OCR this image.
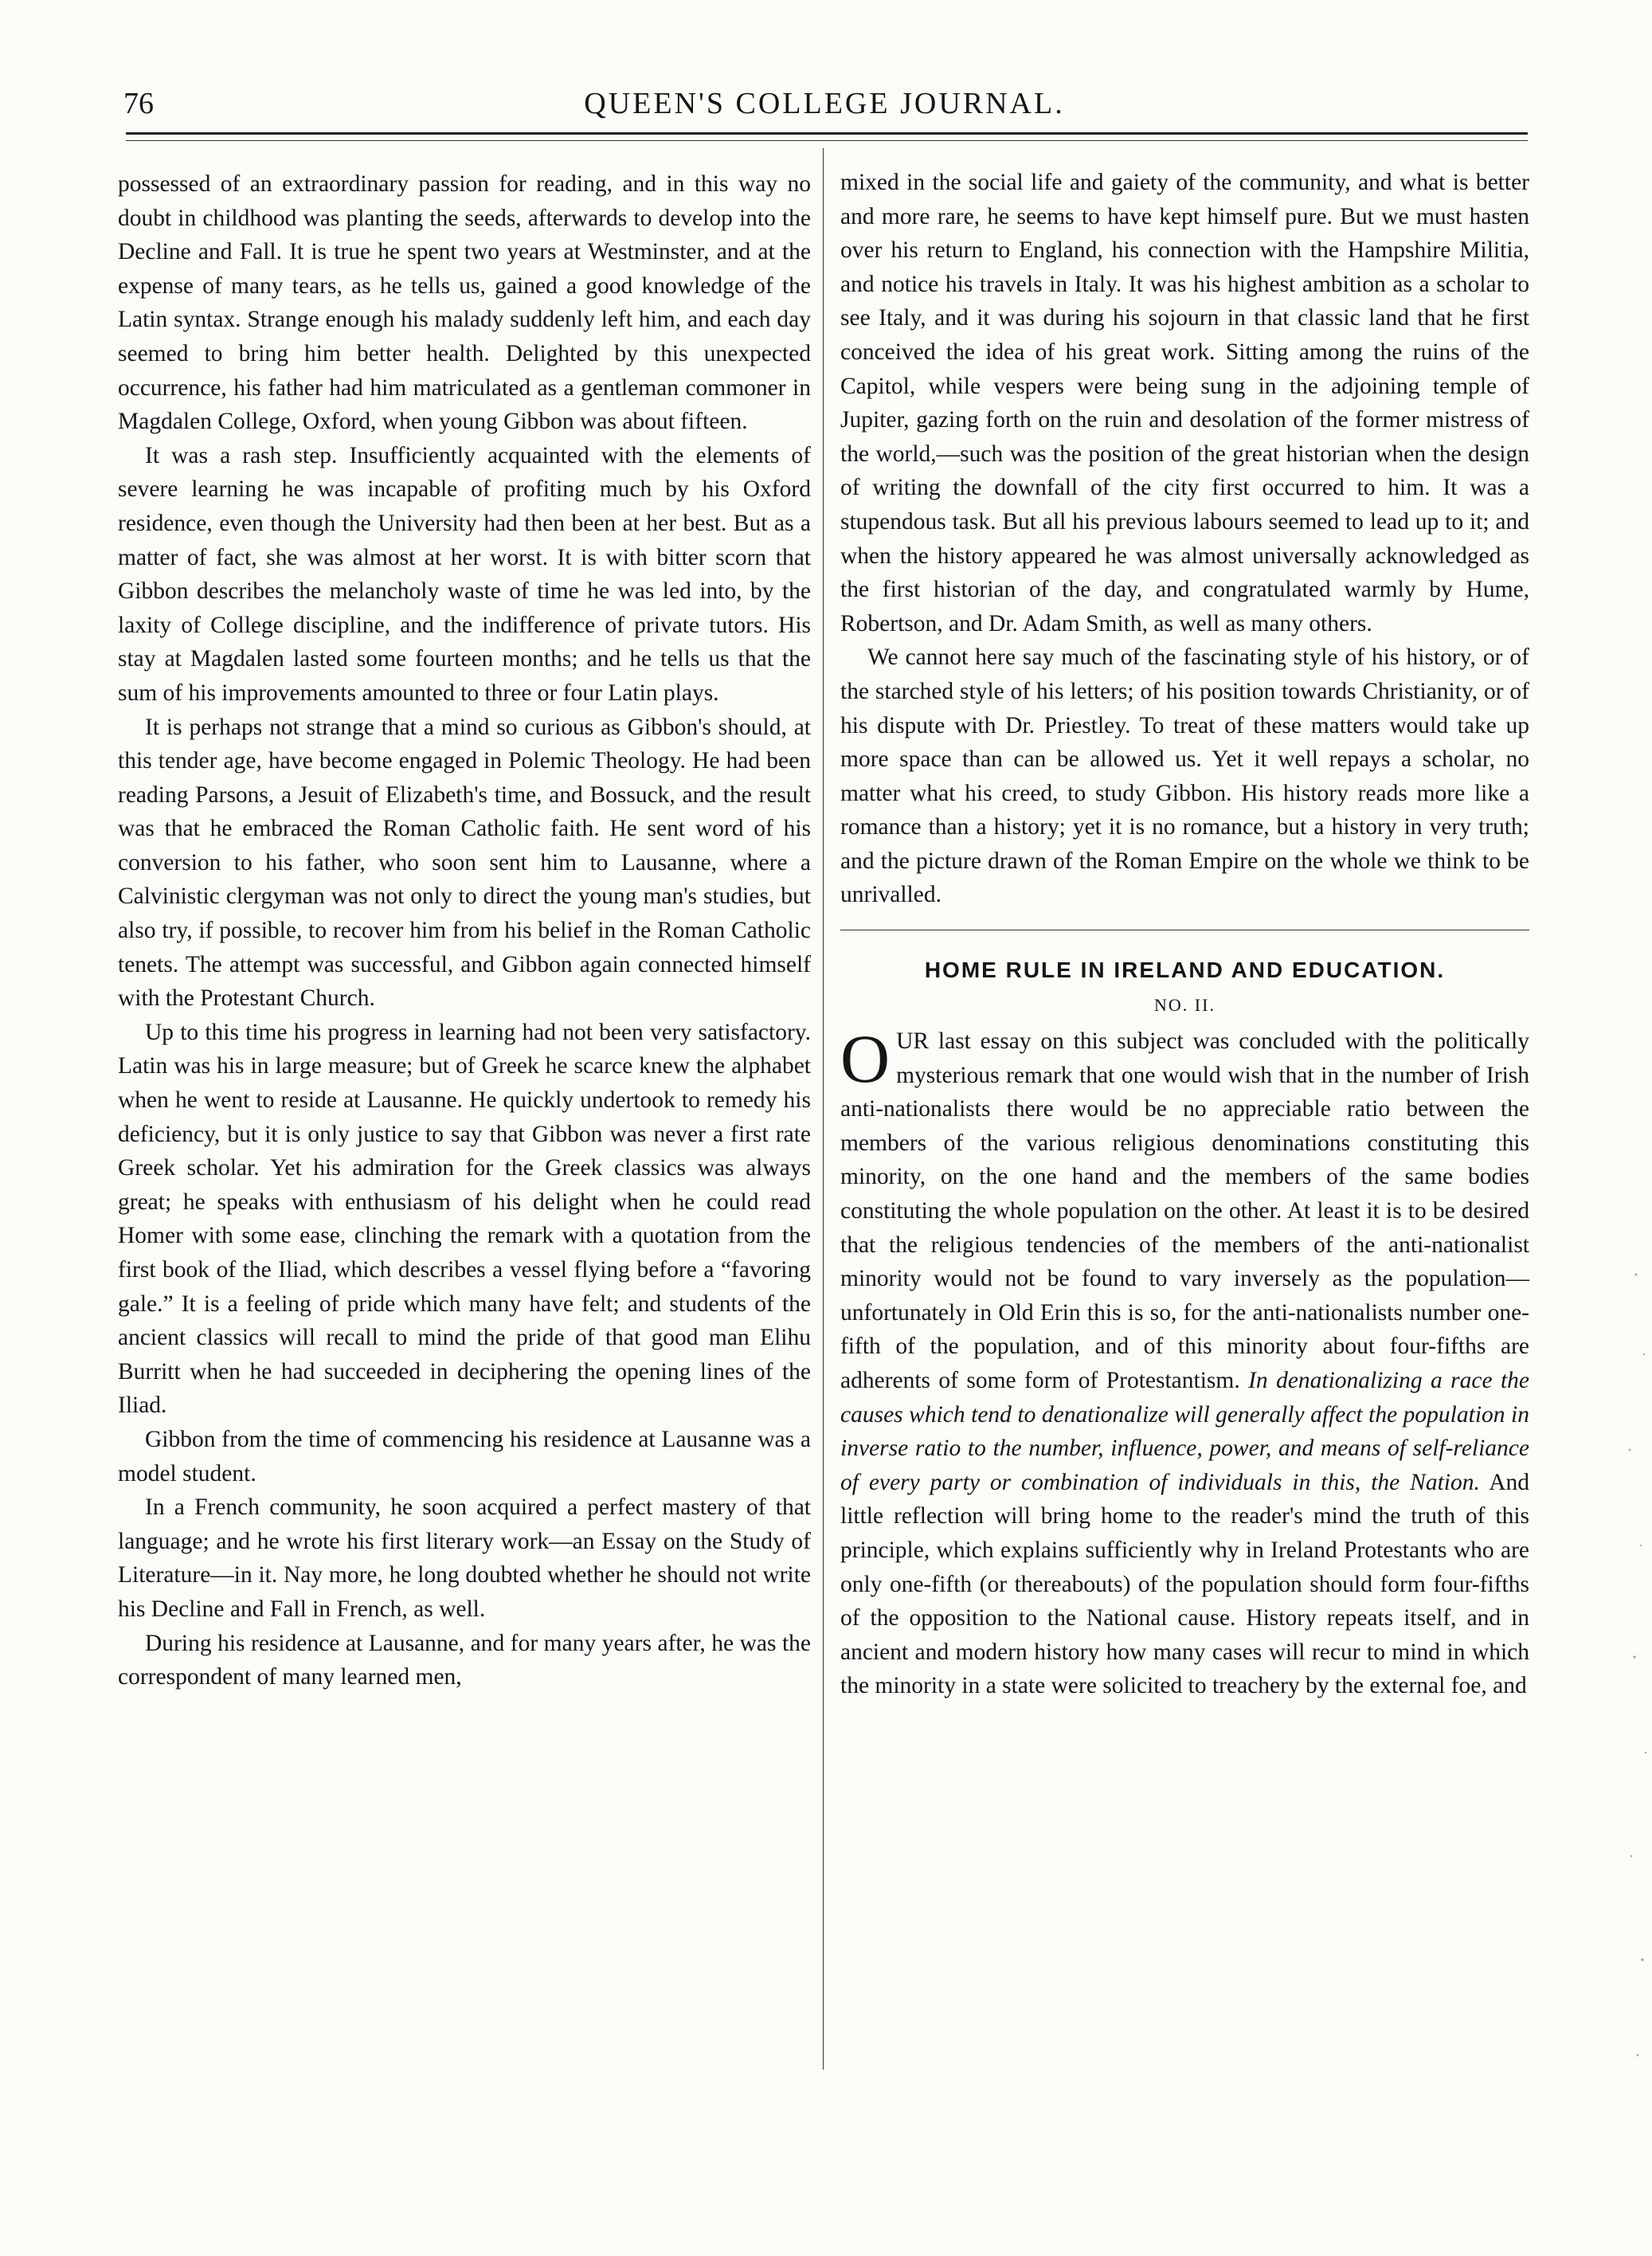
76	QUEEN'S COLLEGE JOURNAL.

possessed of an extraordinary passion for reading, and in this way no doubt in childhood was planting the seeds, afterwards to develop into the Decline and Fall. It is true he spent two years at Westminster, and at the expense of many tears, as he tells us, gained a good knowledge of the Latin syntax. Strange enough his malady suddenly left him, and each day seemed to bring him better health. Delighted by this unexpected occurrence, his father had him matriculated as a gentleman commoner in Magdalen College, Oxford, when young Gibbon was about fifteen.

It was a rash step. Insufficiently acquainted with the elements of severe learning he was incapable of profiting much by his Oxford residence, even though the University had then been at her best. But as a matter of fact, she was almost at her worst. It is with bitter scorn that Gibbon describes the melancholy waste of time he was led into, by the laxity of College discipline, and the indifference of private tutors. His stay at Magdalen lasted some fourteen months; and he tells us that the sum of his improvements amounted to three or four Latin plays.

It is perhaps not strange that a mind so curious as Gibbon's should, at this tender age, have become engaged in Polemic Theology. He had been reading Parsons, a Jesuit of Elizabeth's time, and Bossuck, and the result was that he embraced the Roman Catholic faith. He sent word of his conversion to his father, who soon sent him to Lausanne, where a Calvinistic clergyman was not only to direct the young man's studies, but also try, if possible, to recover him from his belief in the Roman Catholic tenets. The attempt was successful, and Gibbon again connected himself with the Protestant Church.

Up to this time his progress in learning had not been very satisfactory. Latin was his in large measure; but of Greek he scarce knew the alphabet when he went to reside at Lausanne. He quickly undertook to remedy his deficiency, but it is only justice to say that Gibbon was never a first rate Greek scholar. Yet his admiration for the Greek classics was always great; he speaks with enthusiasm of his delight when he could read Homer with some ease, clinching the remark with a quotation from the first book of the Iliad, which describes a vessel flying before a “favoring gale.” It is a feeling of pride which many have felt; and students of the ancient classics will recall to mind the pride of that good man Elihu Burritt when he had succeeded in deciphering the opening lines of the Iliad.

Gibbon from the time of commencing his residence at Lausanne was a model student.

In a French community, he soon acquired a perfect mastery of that language; and he wrote his first literary work—an Essay on the Study of Literature—in it. Nay more, he long doubted whether he should not write his Decline and Fall in French, as well.

During his residence at Lausanne, and for many years after, he was the correspondent of many learned men,

mixed in the social life and gaiety of the community, and what is better and more rare, he seems to have kept himself pure. But we must hasten over his return to England, his connection with the Hampshire Militia, and notice his travels in Italy. It was his highest ambition as a scholar to see Italy, and it was during his sojourn in that classic land that he first conceived the idea of his great work. Sitting among the ruins of the Capitol, while vespers were being sung in the adjoining temple of Jupiter, gazing forth on the ruin and desolation of the former mistress of the world,—such was the position of the great historian when the design of writing the downfall of the city first occurred to him. It was a stupendous task. But all his previous labours seemed to lead up to it; and when the history appeared he was almost universally acknowledged as the first historian of the day, and congratulated warmly by Hume, Robertson, and Dr. Adam Smith, as well as many others.

We cannot here say much of the fascinating style of his history, or of the starched style of his letters; of his position towards Christianity, or of his dispute with Dr. Priestley. To treat of these matters would take up more space than can be allowed us. Yet it well repays a scholar, no matter what his creed, to study Gibbon. His history reads more like a romance than a history; yet it is no romance, but a history in very truth; and the picture drawn of the Roman Empire on the whole we think to be unrivalled.

HOME RULE IN IRELAND AND EDUCATION.
NO. II.

OUR last essay on this subject was concluded with the politically mysterious remark that one would wish that in the number of Irish anti-nationalists there would be no appreciable ratio between the members of the various religious denominations constituting this minority, on the one hand and the members of the same bodies constituting the whole population on the other. At least it is to be desired that the religious tendencies of the members of the anti-nationalist minority would not be found to vary inversely as the population—unfortunately in Old Erin this is so, for the anti-nationalists number one-fifth of the population, and of this minority about four-fifths are adherents of some form of Protestantism. In denationalizing a race the causes which tend to denationalize will generally affect the population in inverse ratio to the number, influence, power, and means of self-reliance of every party or combination of individuals in this, the Nation. And little reflection will bring home to the reader's mind the truth of this principle, which explains sufficiently why in Ireland Protestants who are only one-fifth (or thereabouts) of the population should form four-fifths of the opposition to the National cause. History repeats itself, and in ancient and modern history how many cases will recur to mind in which the minority in a state were solicited to treachery by the external foe, and
